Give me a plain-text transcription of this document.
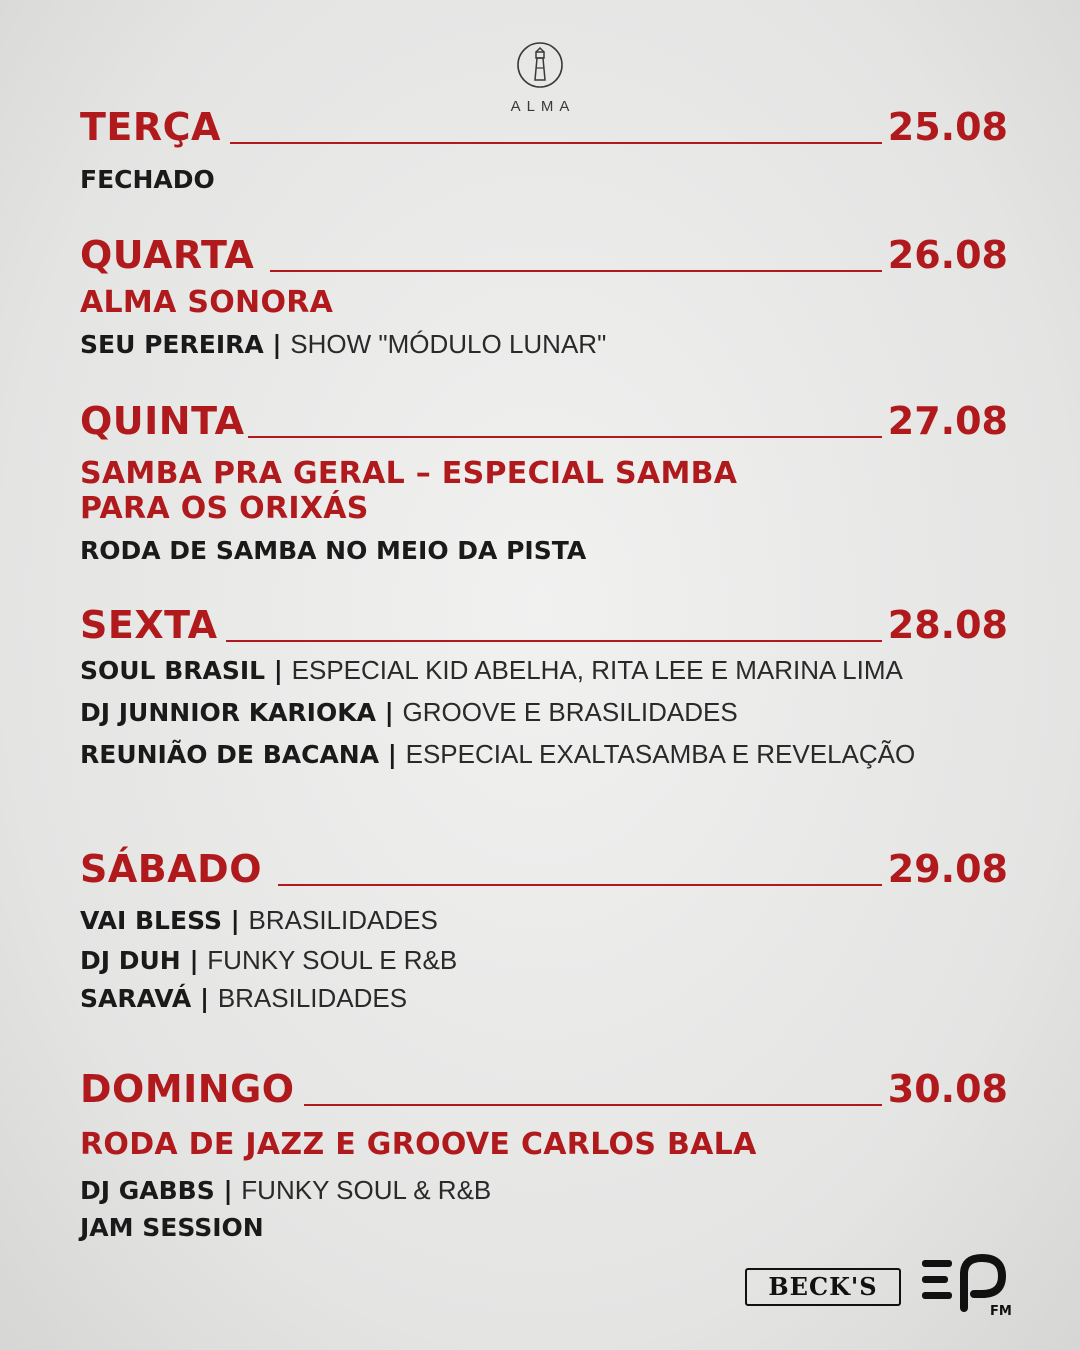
ALMA
TERÇA	25.08
FECHADO
QUARTA	26.08
ALMA SONORA
SEU PEREIRA | SHOW "MÓDULO LUNAR"
QUINTA	27.08
SAMBA PRA GERAL – ESPECIAL SAMBA
PARA OS ORIXÁS
RODA DE SAMBA NO MEIO DA PISTA
SEXTA	28.08
SOUL BRASIL | ESPECIAL KID ABELHA, RITA LEE E MARINA LIMA
DJ JUNNIOR KARIOKA | GROOVE E BRASILIDADES
REUNIÃO DE BACANA | ESPECIAL EXALTASAMBA E REVELAÇÃO
SÁBADO	29.08
VAI BLESS | BRASILIDADES
DJ DUH | FUNKY SOUL E R&B
SARAVÁ | BRASILIDADES
DOMINGO	30.08
RODA DE JAZZ E GROOVE CARLOS BALA
DJ GABBS | FUNKY SOUL & R&B
JAM SESSION
BECK'S
FM
